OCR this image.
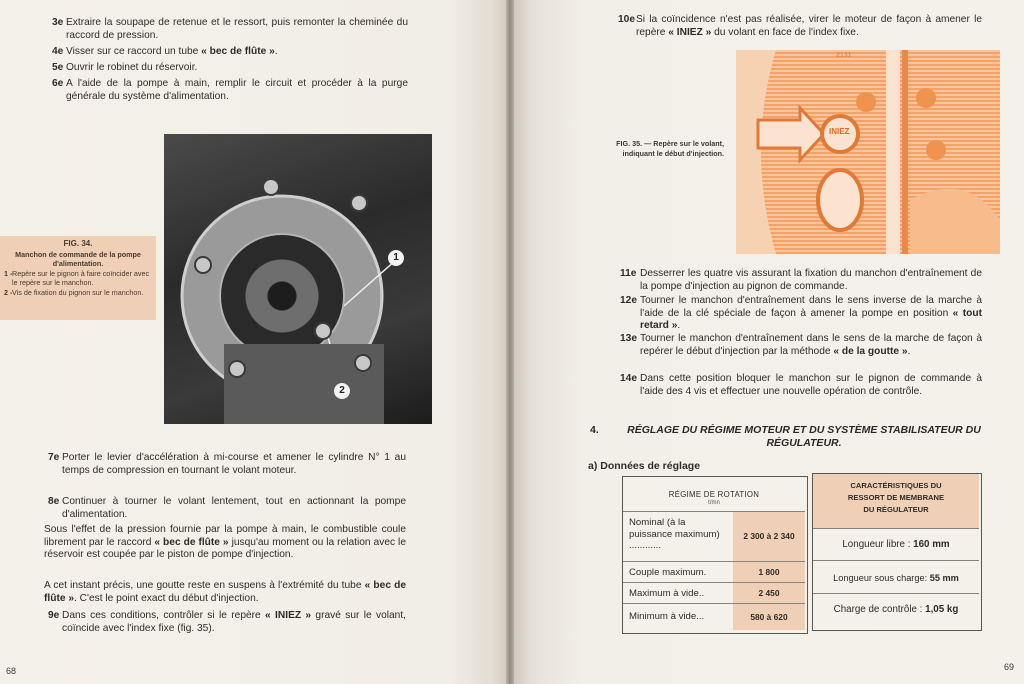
3e Extraire la soupape de retenue et le ressort, puis remonter la cheminée du raccord de pression.
4e Visser sur ce raccord un tube « bec de flûte ».
5e Ouvrir le robinet du réservoir.
6e A l'aide de la pompe à main, remplir le circuit et procéder à la purge générale du système d'alimentation.
1
2
FIG. 34.
Manchon de commande de la pompe d'alimentation.
1 - Repère sur le pignon à faire coïncider avec le repère sur le manchon.
2 - Vis de fixation du pignon sur le manchon.
7e Porter le levier d'accélération à mi-course et amener le cylindre N° 1 au temps de compression en tournant le volant moteur.
8e Continuer à tourner le volant lentement, tout en actionnant la pompe d'alimentation.
Sous l'effet de la pression fournie par la pompe à main, le combustible coule librement par le raccord « bec de flûte » jusqu'au moment ou la relation avec le réservoir est coupée par le piston de pompe d'injection.
A cet instant précis, une goutte reste en suspens à l'extrémité du tube « bec de flûte ». C'est le point exact du début d'injection.
9e Dans ces conditions, contrôler si le repère « INIEZ » gravé sur le volant, coïncide avec l'index fixe (fig. 35).
68
10e Si la coïncidence n'est pas réalisée, virer le moteur de façon à amener le repère « INIEZ » du volant en face de l'index fixe.
INIEZ
2131
FIG. 35. — Repère sur le volant, indiquant le début d'injection.
11e Desserrer les quatre vis assurant la fixation du manchon d'entraînement de la pompe d'injection au pignon de commande.
12e Tourner le manchon d'entraînement dans le sens inverse de la marche à l'aide de la clé spéciale de façon à amener la pompe en position « tout retard ».
13e Tourner le manchon d'entraînement dans le sens de la marche de façon à repérer le début d'injection par la méthode « de la goutte ».
14e Dans cette position bloquer le manchon sur le pignon de commande à l'aide des 4 vis et effectuer une nouvelle opération de contrôle.
4.	RÉGLAGE DU RÉGIME MOTEUR ET DU SYSTÈME STABILISATEUR DU RÉGULATEUR.
a) Données de réglage
RÉGIME DE ROTATION
t/mn
Nominal (à la puissance maximum) ............
2 300 à 2 340
Couple maximum.	1 800
Maximum à vide..	2 450
Minimum à vide...	580 à 620
CARACTÉRISTIQUES DU
RESSORT DE MEMBRANE
DU RÉGULATEUR
Longueur libre : 160 mm
Longueur sous charge: 55 mm
Charge de contrôle : 1,05 kg
69
